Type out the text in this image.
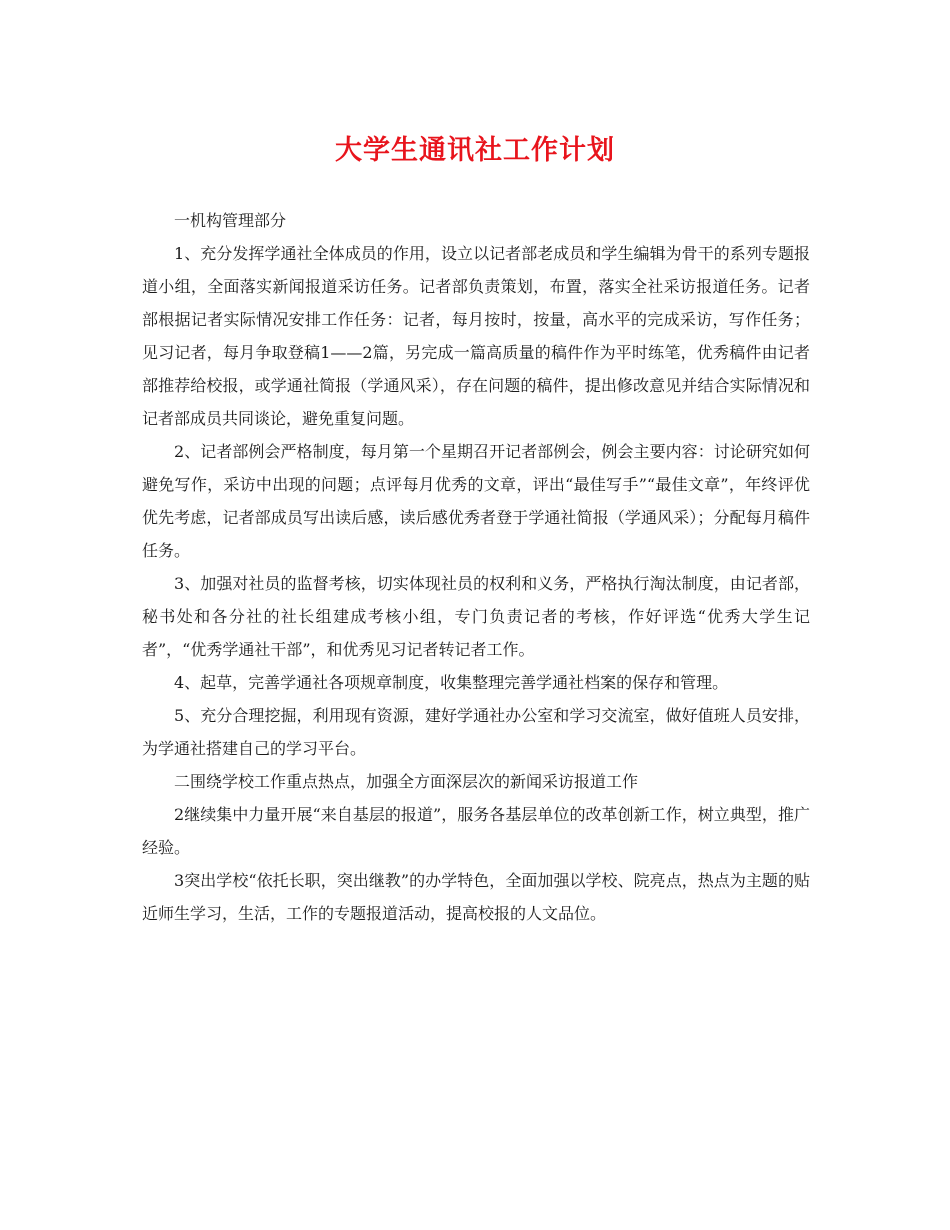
大学生通讯社工作计划

一机构管理部分

1、充分发挥学通社全体成员的作用，设立以记者部老成员和学生编辑为骨干的系列专题报道小组，全面落实新闻报道采访任务。记者部负责策划，布置，落实全社采访报道任务。记者部根据记者实际情况安排工作任务：记者，每月按时，按量，高水平的完成采访，写作任务；见习记者，每月争取登稿1——2篇，另完成一篇高质量的稿件作为平时练笔，优秀稿件由记者部推荐给校报，或学通社简报（学通风采），存在问题的稿件，提出修改意见并结合实际情况和记者部成员共同谈论，避免重复问题。

2、记者部例会严格制度，每月第一个星期召开记者部例会，例会主要内容：讨论研究如何避免写作，采访中出现的问题；点评每月优秀的文章，评出“最佳写手”“最佳文章”，年终评优优先考虑，记者部成员写出读后感，读后感优秀者登于学通社简报（学通风采）；分配每月稿件任务。

3、加强对社员的监督考核，切实体现社员的权利和义务，严格执行淘汰制度，由记者部，秘书处和各分社的社长组建成考核小组，专门负责记者的考核，作好评选“优秀大学生记者”，“优秀学通社干部”，和优秀见习记者转记者工作。

4、起草，完善学通社各项规章制度，收集整理完善学通社档案的保存和管理。

5、充分合理挖掘，利用现有资源，建好学通社办公室和学习交流室，做好值班人员安排，为学通社搭建自己的学习平台。

二围绕学校工作重点热点，加强全方面深层次的新闻采访报道工作

2继续集中力量开展“来自基层的报道”，服务各基层单位的改革创新工作，树立典型，推广经验。

3突出学校“依托长职，突出继教”的办学特色，全面加强以学校、院亮点，热点为主题的贴近师生学习，生活，工作的专题报道活动，提高校报的人文品位。
